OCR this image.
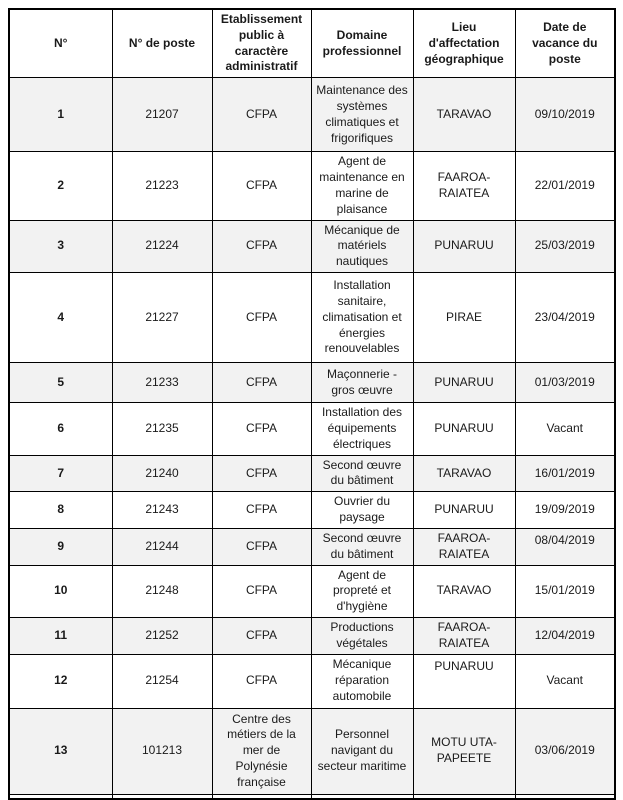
N°	N° de poste	Etablissement public à caractère administratif	Domaine professionnel	Lieu d'affectation géographique	Date de vacance du poste
1	21207	CFPA	Maintenance des systèmes climatiques et frigorifiques	TARAVAO	09/10/2019
2	21223	CFPA	Agent de maintenance en marine de plaisance	FAAROA-RAIATEA	22/01/2019
3	21224	CFPA	Mécanique de matériels nautiques	PUNARUU	25/03/2019
4	21227	CFPA	Installation sanitaire, climatisation et énergies renouvelables	PIRAE	23/04/2019
5	21233	CFPA	Maçonnerie - gros œuvre	PUNARUU	01/03/2019
6	21235	CFPA	Installation des équipements électriques	PUNARUU	Vacant
7	21240	CFPA	Second œuvre du bâtiment	TARAVAO	16/01/2019
8	21243	CFPA	Ouvrier du paysage	PUNARUU	19/09/2019
9	21244	CFPA	Second œuvre du bâtiment	FAAROA-RAIATEA	08/04/2019
10	21248	CFPA	Agent de propreté et d'hygiène	TARAVAO	15/01/2019
11	21252	CFPA	Productions végétales	FAAROA-RAIATEA	12/04/2019
12	21254	CFPA	Mécanique réparation automobile	PUNARUU	Vacant
13	101213	Centre des métiers de la mer de Polynésie française	Personnel navigant du secteur maritime	MOTU UTA-PAPEETE	03/06/2019
